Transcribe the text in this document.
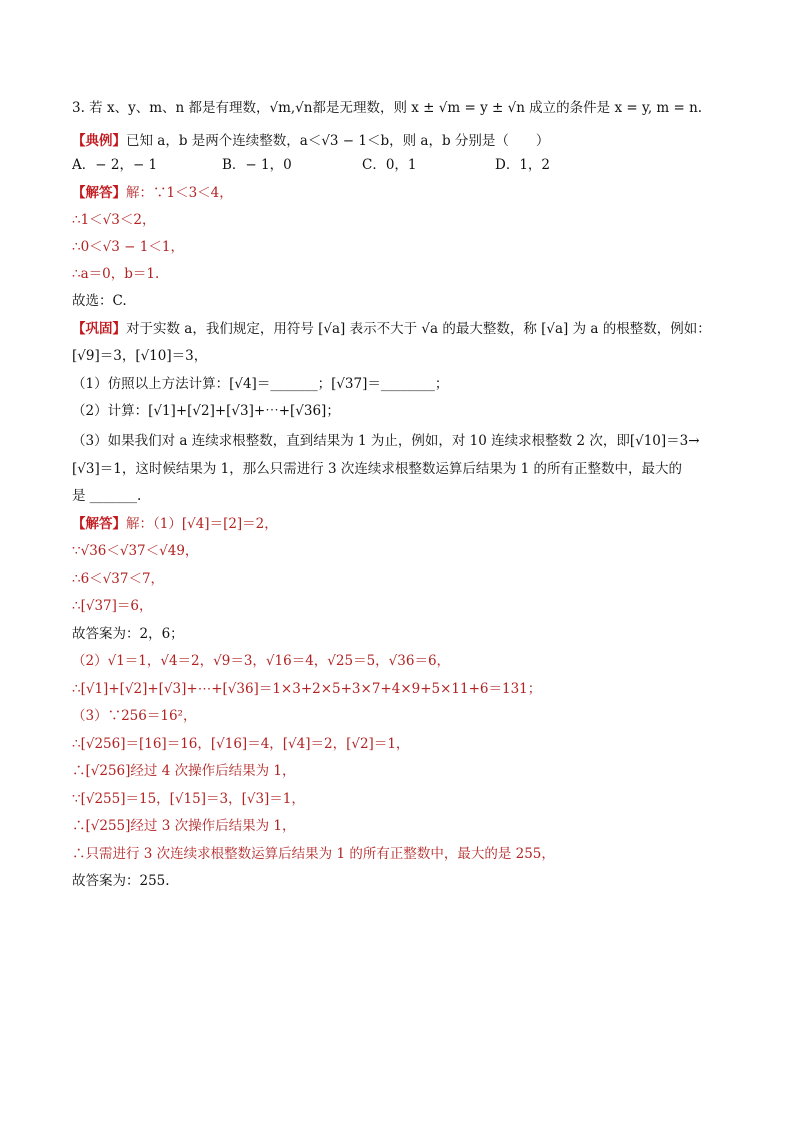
3. 若 x、y、m、n 都是有理数，√m,√n都是无理数，则 x ± √m = y ± √n 成立的条件是 x = y, m = n.
【典例】已知 a，b 是两个连续整数，a＜√3 − 1＜b，则 a，b 分别是（　　）
A．− 2，− 1	B．− 1，0	C．0，1	D．1，2
【解答】解：∵1＜3＜4，
∴1＜√3＜2，
∴0＜√3 − 1＜1，
∴a＝0，b＝1.
故选：C.
【巩固】对于实数 a，我们规定，用符号 [√a] 表示不大于 √a 的最大整数，称 [√a] 为 a 的根整数，例如：
[√9]＝3，[√10]＝3，
（1）仿照以上方法计算：[√4]＝_______；[√37]＝________；
（2）计算：[√1]+[√2]+[√3]+⋯+[√36]；
（3）如果我们对 a 连续求根整数，直到结果为 1 为止，例如，对 10 连续求根整数 2 次，即[√10]＝3→
[√3]＝1，这时候结果为 1，那么只需进行 3 次连续求根整数运算后结果为 1 的所有正整数中，最大的
是 _______.
【解答】解：（1）[√4]＝[2]＝2，
∵√36＜√37＜√49，
∴6＜√37＜7，
∴[√37]＝6，
故答案为：2，6；
（2）√1＝1，√4＝2，√9＝3，√16＝4，√25＝5，√36＝6，
∴[√1]+[√2]+[√3]+⋯+[√36]＝1×3+2×5+3×7+4×9+5×11+6＝131；
（3）∵256＝16²，
∴[√256]＝[16]＝16，[√16]＝4，[√4]＝2，[√2]＝1，
∴[√256]经过 4 次操作后结果为 1，
∵[√255]＝15，[√15]＝3，[√3]＝1，
∴[√255]经过 3 次操作后结果为 1，
∴只需进行 3 次连续求根整数运算后结果为 1 的所有正整数中，最大的是 255，
故答案为：255.
